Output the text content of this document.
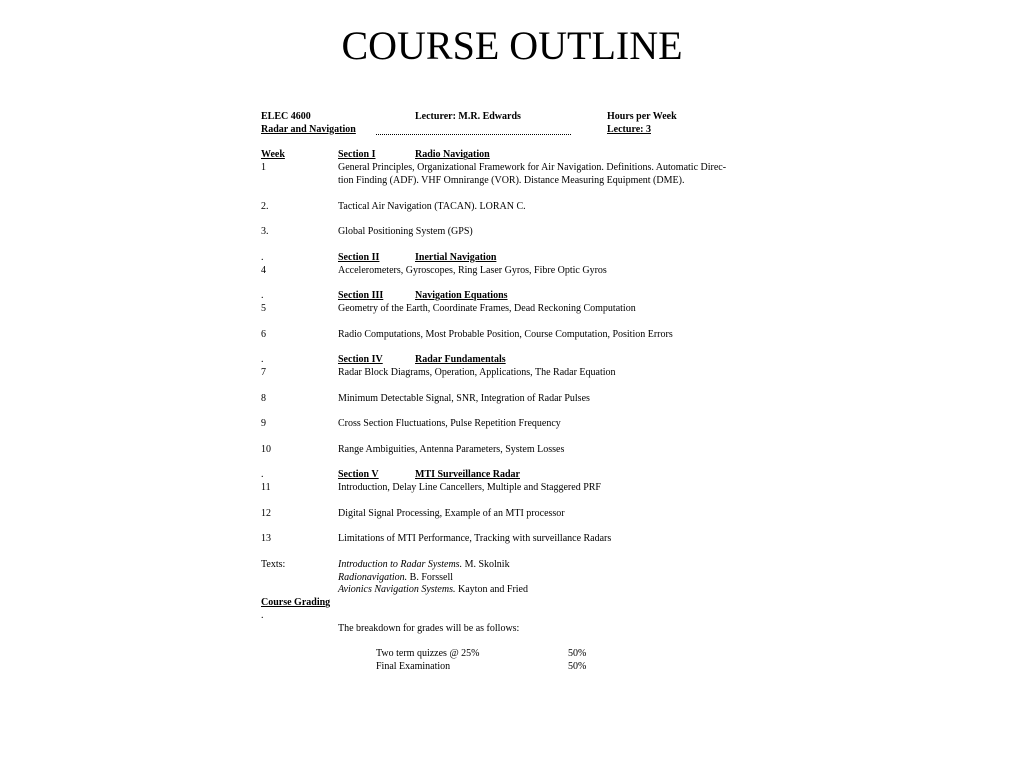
COURSE OUTLINE
ELEC 4600	Lecturer: M.R. Edwards	Hours per Week
Radar and Navigation	Lecture: 3
Week	Section I	Radio Navigation
1	General Principles, Organizational Framework for Air Navigation. Definitions. Automatic Direc-
tion Finding (ADF). VHF Omnirange (VOR). Distance Measuring Equipment (DME).
2.	Tactical Air Navigation (TACAN). LORAN C.
3.	Global Positioning System (GPS)
.	Section II	Inertial Navigation
4	Accelerometers, Gyroscopes, Ring Laser Gyros, Fibre Optic Gyros
.	Section III	Navigation Equations
5	Geometry of the Earth, Coordinate Frames, Dead Reckoning Computation
6	Radio Computations, Most Probable Position, Course Computation, Position Errors
.	Section IV	Radar Fundamentals
7	Radar Block Diagrams, Operation, Applications, The Radar Equation
8	Minimum Detectable Signal, SNR, Integration of Radar Pulses
9	Cross Section Fluctuations, Pulse Repetition Frequency
10	Range Ambiguities, Antenna Parameters, System Losses
.	Section V	MTI Surveillance Radar
11	Introduction, Delay Line Cancellers, Multiple and Staggered PRF
12	Digital Signal Processing, Example of an MTI processor
13	Limitations of MTI Performance, Tracking with surveillance Radars
Texts:	Introduction to Radar Systems. M. Skolnik
Radionavigation. B. Forssell
Avionics Navigation Systems. Kayton and Fried
Course Grading
.
The breakdown for grades will be as follows:
Two term quizzes @ 25%	50%
Final Examination	50%
